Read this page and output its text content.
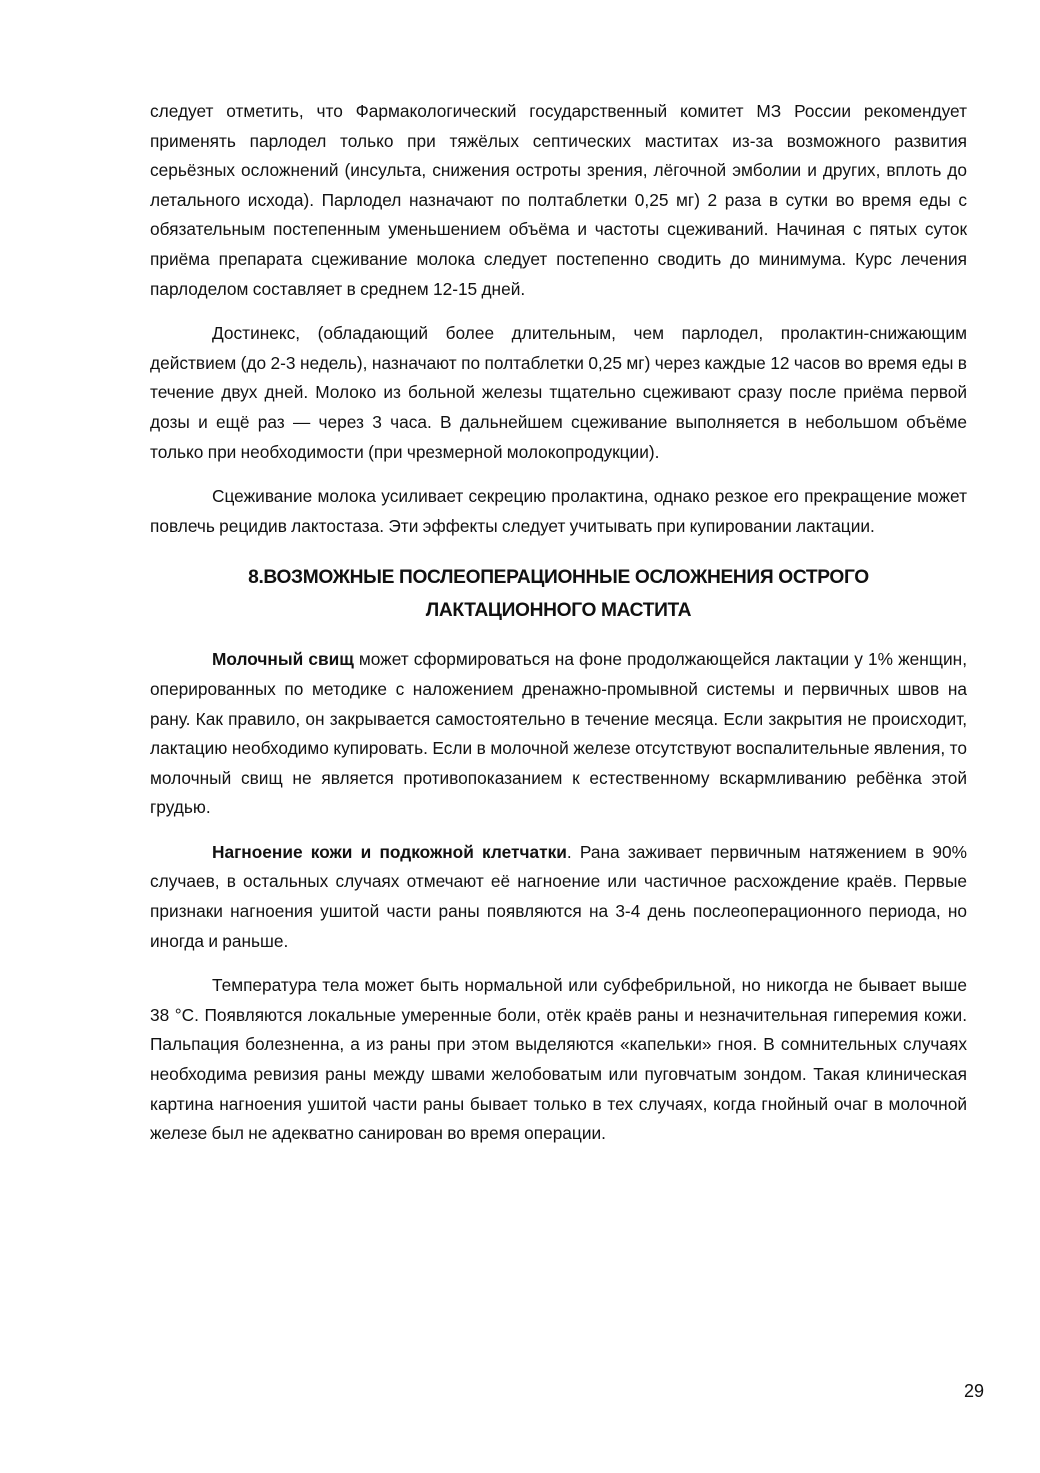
следует отметить, что Фармакологический государственный комитет МЗ России рекомендует применять парлодел только при тяжёлых септических маститах из-за возможного развития серьёзных осложнений (инсульта, снижения остроты зрения, лёгочной эмболии и других, вплоть до летального исхода). Парлодел назначают по полтаблетки 0,25 мг) 2 раза в сутки во время еды с обязательным постепенным уменьшением объёма и частоты сцеживаний. Начиная с пятых суток приёма препарата сцеживание молока следует постепенно сводить до минимума. Курс лечения парлоделом составляет в среднем 12-15 дней.

Достинекс, (обладающий более длительным, чем парлодел, пролактин-снижающим действием (до 2-3 недель), назначают по полтаблетки 0,25 мг) через каждые 12 часов во время еды в течение двух дней. Молоко из больной железы тщательно сцеживают сразу после приёма первой дозы и ещё раз — через 3 часа. В дальнейшем сцеживание выполняется в небольшом объёме только при необходимости (при чрезмерной молокопродукции).

Сцеживание молока усиливает секрецию пролактина, однако резкое его прекращение может повлечь рецидив лактостаза. Эти эффекты следует учитывать при купировании лактации.

8.ВОЗМОЖНЫЕ ПОСЛЕОПЕРАЦИОННЫЕ ОСЛОЖНЕНИЯ ОСТРОГО
ЛАКТАЦИОННОГО МАСТИТА

Молочный свищ может сформироваться на фоне продолжающейся лактации у 1% женщин, оперированных по методике с наложением дренажно-промывной системы и первичных швов на рану. Как правило, он закрывается самостоятельно в течение месяца. Если закрытия не происходит, лактацию необходимо купировать. Если в молочной железе отсутствуют воспалительные явления, то молочный свищ не является противопоказанием к естественному вскармливанию ребёнка этой грудью.

Нагноение кожи и подкожной клетчатки. Рана заживает первичным натяжением в 90% случаев, в остальных случаях отмечают её нагноение или частичное расхождение краёв. Первые признаки нагноения ушитой части раны появляются на 3-4 день послеоперационного периода, но иногда и раньше.

Температура тела может быть нормальной или субфебрильной, но никогда не бывает выше 38 °С. Появляются локальные умеренные боли, отёк краёв раны и незначительная гиперемия кожи. Пальпация болезненна, а из раны при этом выделяются «капельки» гноя. В сомнительных случаях необходима ревизия раны между швами желобоватым или пуговчатым зондом. Такая клиническая картина нагноения ушитой части раны бывает только в тех случаях, когда гнойный очаг в молочной железе был не адекватно санирован во время операции.

29
